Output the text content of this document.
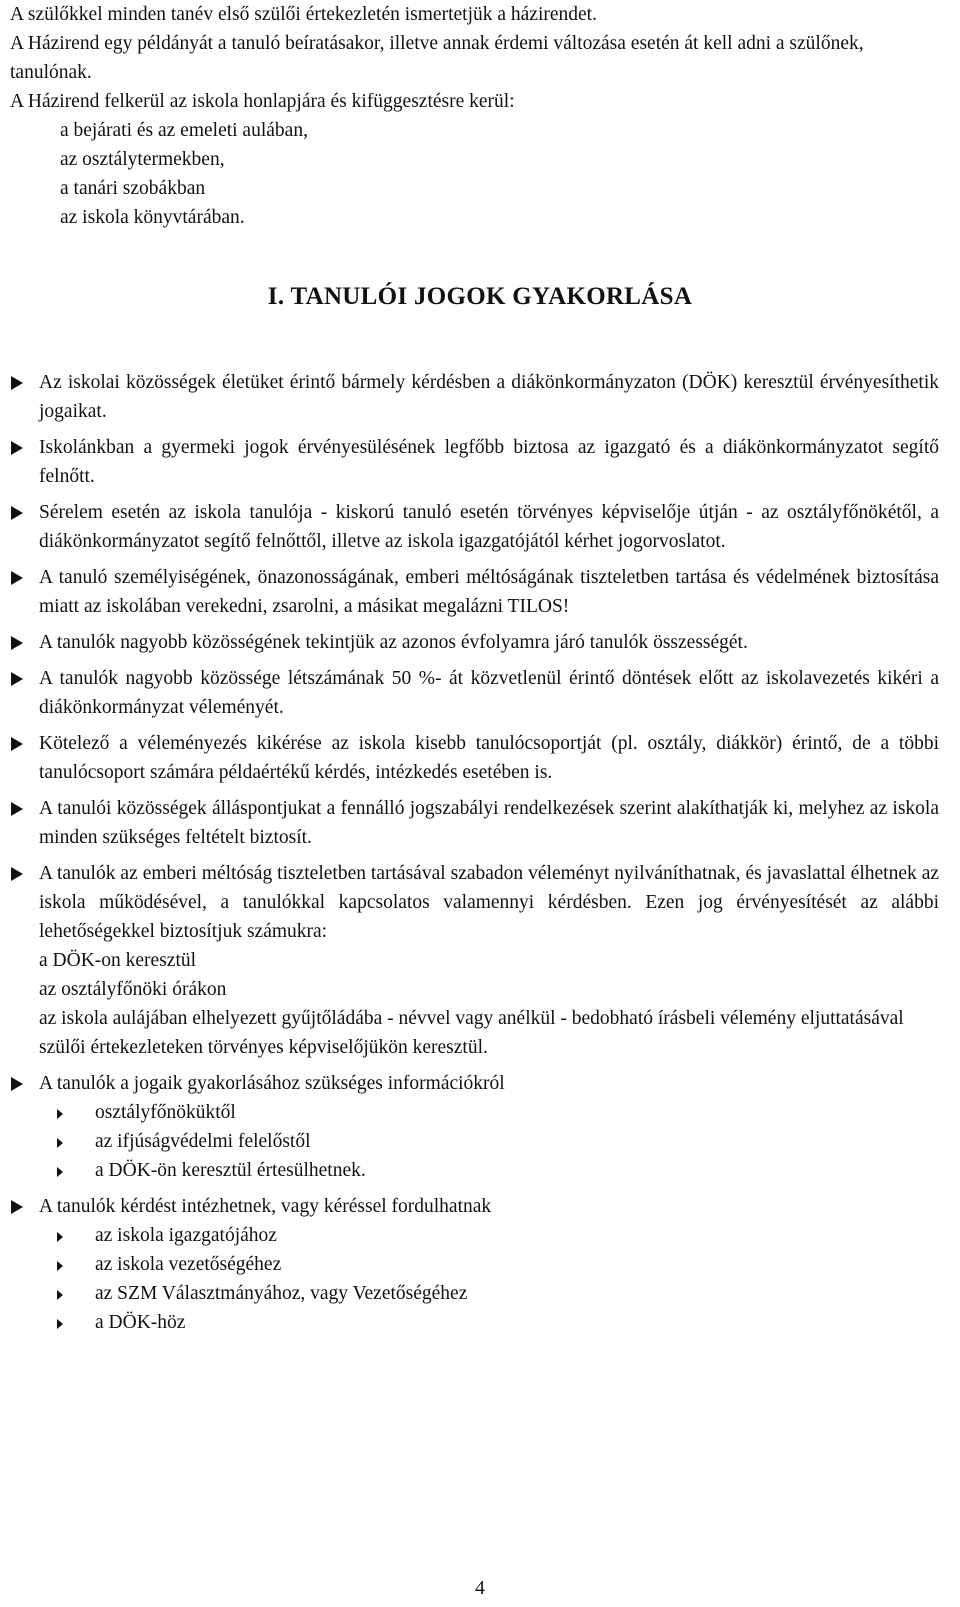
A szülőkkel minden tanév első szülői értekezletén ismertetjük a házirendet.

A Házirend egy példányát a tanuló beíratásakor, illetve annak érdemi változása esetén át kell adni a szülőnek, tanulónak.

A Házirend felkerül az iskola honlapjára és kifüggesztésre kerül:

a bejárati és az emeleti aulában,

az osztálytermekben,

a tanári szobákban

az iskola könyvtárában.

I. TANULÓI JOGOK GYAKORLÁSA
Az iskolai közösségek életüket érintő bármely kérdésben a diákönkormányzaton (DÖK) keresztül érvényesíthetik jogaikat.
Iskolánkban a gyermeki jogok érvényesülésének legfőbb biztosa az igazgató és a diákönkormányzatot segítő felnőtt.
Sérelem esetén az iskola tanulója - kiskorú tanuló esetén törvényes képviselője útján - az osztályfőnökétől, a diákönkormányzatot segítő felnőttől, illetve az iskola igazgatójától kérhet jogorvoslatot.
A tanuló személyiségének, önazonosságának, emberi méltóságának tiszteletben tartása és védelmének biztosítása miatt az iskolában verekedni, zsarolni, a másikat megalázni TILOS!
A tanulók nagyobb közösségének tekintjük az azonos évfolyamra járó tanulók összességét.
A tanulók nagyobb közössége létszámának 50 %- át közvetlenül érintő döntések előtt az iskolavezetés kikéri a diákönkormányzat véleményét.
Kötelező a véleményezés kikérése az iskola kisebb tanulócsoportját (pl. osztály, diákkör) érintő, de a többi tanulócsoport számára példaértékű kérdés, intézkedés esetében is.
A tanulói közösségek álláspontjukat a fennálló jogszabályi rendelkezések szerint alakíthatják ki, melyhez az iskola minden szükséges feltételt biztosít.
A tanulók az emberi méltóság tiszteletben tartásával szabadon véleményt nyilváníthatnak, és javaslattal élhetnek az iskola működésével, a tanulókkal kapcsolatos valamennyi kérdésben. Ezen jog érvényesítését az alábbi lehetőségekkel biztosítjuk számukra:
a DÖK-on keresztül
az osztályfőnöki órákon
az iskola aulájában elhelyezett gyűjtőládába - névvel vagy anélkül - bedobható írásbeli vélemény eljuttatásával
szülői értekezleteken törvényes képviselőjükön keresztül.
A tanulók a jogaik gyakorlásához szükséges információkról
osztályfőnöküktől
az ifjúságvédelmi felelőstől
a DÖK-ön keresztül értesülhetnek.
A tanulók kérdést intézhetnek, vagy kéréssel fordulhatnak
az iskola igazgatójához
az iskola vezetőségéhez
az SZM Választmányához, vagy Vezetőségéhez
a DÖK-höz
4
